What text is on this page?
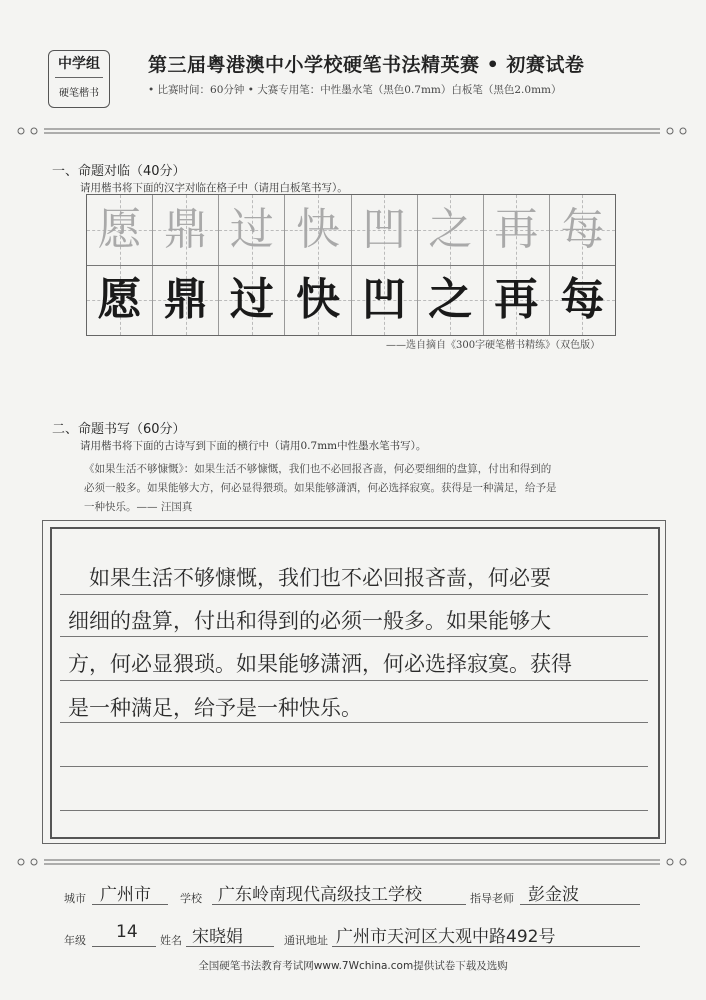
中学组
硬笔楷书
第三届粤港澳中小学校硬笔书法精英赛 • 初赛试卷
• 比赛时间：60分钟 • 大赛专用笔：中性墨水笔（黑色0.7mm）白板笔（黑色2.0mm）
一、命题对临（40分）
请用楷书将下面的汉字对临在格子中（请用白板笔书写）。
愿 鼎 过 快 凹 之 再 每
愿 鼎 过 快 凹 之 再 每
——选自摘自《300字硬笔楷书精练》（双色版）
二、命题书写（60分）
请用楷书将下面的古诗写到下面的横行中（请用0.7mm中性墨水笔书写）。
《如果生活不够慷慨》：如果生活不够慷慨，我们也不必回报吝啬，何必要细细的盘算，付出和得到的
必须一般多。如果能够大方，何必显得猥琐。如果能够潇洒，何必选择寂寞。获得是一种满足，给予是
一种快乐。—— 汪国真
　如果生活不够慷慨，我们也不必回报吝啬，何必要
细细的盘算，付出和得到的必须一般多。如果能够大
方，何必显猥琐。如果能够潇洒，何必选择寂寞。获得
是一种满足，给予是一种快乐。
城市 广州市	学校 广东岭南现代高级技工学校	指导老师 彭金波
年级 14 姓名 宋晓娟	通讯地址 广州市天河区大观中路492号
全国硬笔书法教育考试网www.7Wchina.com提供试卷下载及选购
